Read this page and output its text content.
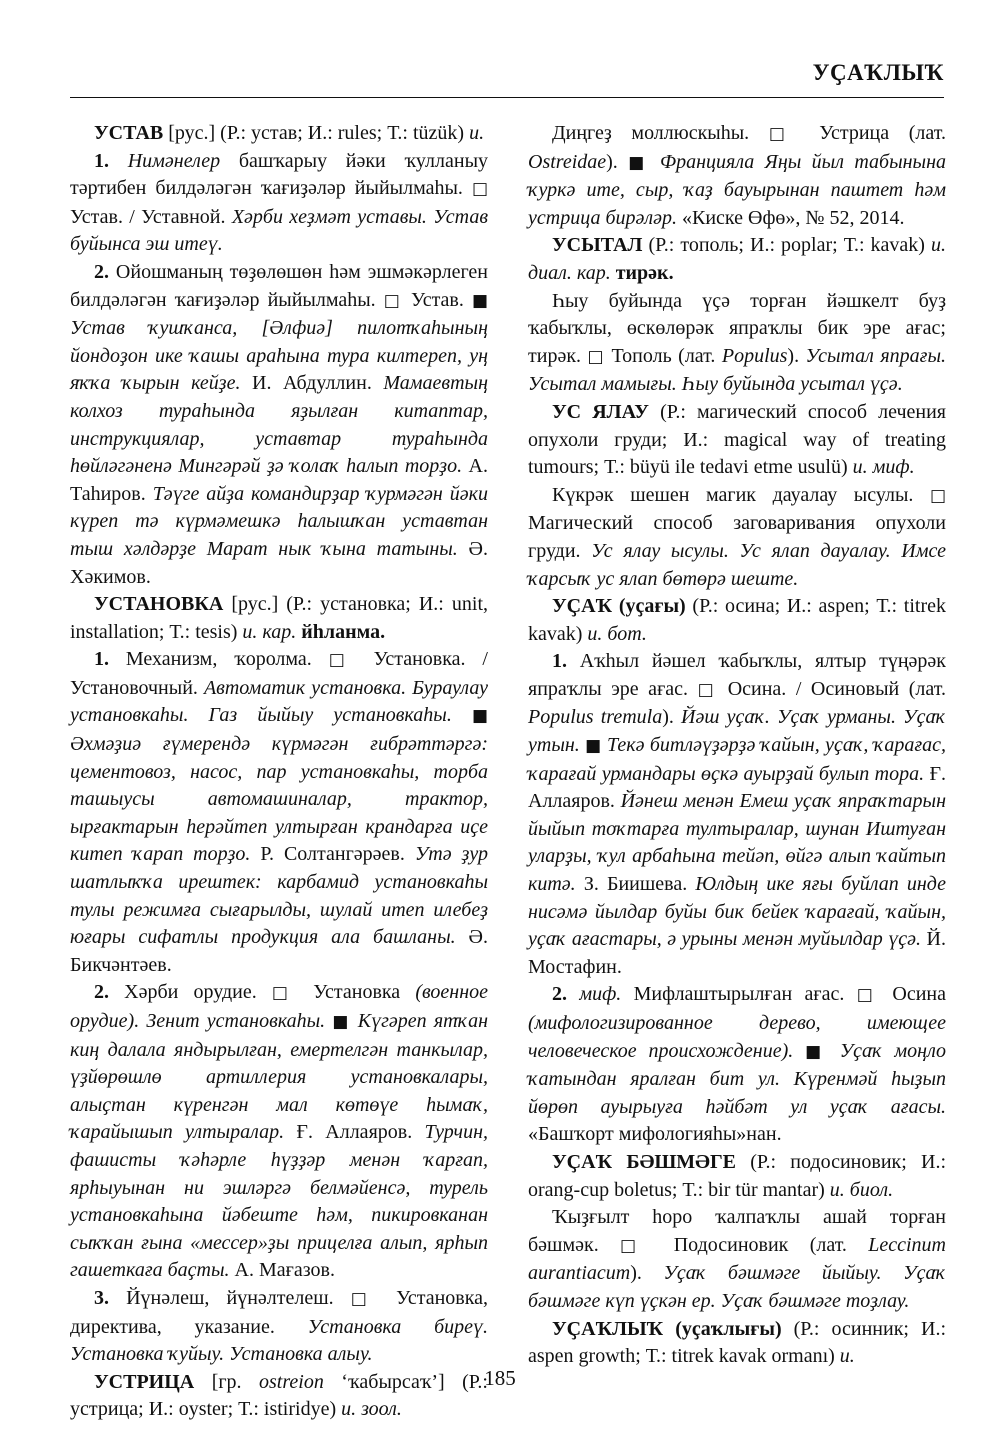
УҪАҠЛЫҠ

УСТАВ [рус.] (Р.: устав; И.: rules; Т.: tüzük) и.

1. Нимәнелер башҡарыу йәки ҡулланыу тәртибен билдәләгән ҡағиҙәләр йыйылмаһы. □ Устав. / Уставной. Хәрби хеҙмәт уставы. Устав буйынса эш итеү.

2. Ойошманың төҙөлөшөн һәм эшмәкәрлеген билдәләгән ҡағиҙәләр йыйылмаһы. □ Устав. ■ Устав ҡушҡанса, [Әлфиә] пилотҡаһының йондоҙон ике ҡашы араһына тура килтереп, уң яҡҡа ҡырын кейҙе. И. Абдуллин. Мамаевтың колхоз тураһында яҙылған китаптар, инструкциялар, уставтар тураһында һөйләгәненә Мингәрәй ҙә ҡолаҡ һалып торҙо. А. Таһиров. Тәүге айҙа командирҙар ҡурмәгән йәки күреп тә күрмәмешкә һалышҡан уставтан тыш хәлдәрҙе Марат нык ҡына татыны. Ә. Хәкимов.

УСТАНОВКА [рус.] (Р.: установка; И.: unit, installation; Т.: tesis) и. кар. йһланма.

1. Механизм, ҡоролма. □ Установка. / Установочный. Автоматик установка. Бураулау установкаһы. Газ йыйыу установкаһы. ■ Әхмәҙиә ғүмерендә күрмәгән ғибрәттәргә: цементовоз, насос, пар установкаһы, торба ташыусы автомашиналар, трактор, ырғактарын һерәйтеп ултырған крандарға иҫе китеп ҡарап торҙо. Р. Солтангәрәев. Утә ҙур шатлыҡҡа ирештек: карбамид установкаһы тулы режимға сығарылды, шулай итеп илебеҙ юғары сифатлы продукция ала башланы. Ә. Бикчәнтәев.

2. Хәрби орудие. □ Установка (военное орудие). Зенит установкаһы. ■ Күгәреп ятҡан киң далала яндырылған, емертелгән танкылар, үҙйөрөшлө артиллерия установкалары, алыҫтан күренгән мал көтөүе һымаҡ, ҡарайышып ултыралар. Ғ. Аллаяров. Турчин, фашисты ҡәһәрле һүҙҙәр менән ҡарғап, ярһыуынан ни эшләргә белмәйенсә, турель установкаһына йәбеште һәм, пикировканан сыҡҡан ғына «мессер»ҙы прицелға алып, ярһып гашеткаға баҫты. А. Мағазов.

3. Йүнәлеш, йүнәлтелеш. □ Установка, директива, указание. Установка биреү. Установка ҡуйыу. Установка алыу.

УСТРИЦА [гр. ostreion ‘ҡабырсаҡ’] (Р.: устрица; И.: oyster; Т.: istiridye) и. зоол.

Диңгеҙ моллюскыһы. □ Устрица (лат. Ostreidae). ■ Францияла Яңы йыл табынына ҡуркә ите, сыр, ҡаҙ бауырынан паштет һәм устрица бирәләр. «Киске Өфө», № 52, 2014.

УСЫТАЛ (Р.: тополь; И.: poplar; Т.: kavak) и. диал. кар. тирәк.

Һыу буйында үҫә торған йәшкелт буҙ ҡабыҡлы, өскөлөрәк япраҡлы бик эре ағас; тирәк. □ Тополь (лат. Populus). Усытал япрағы. Усытал мамығы. Һыу буйында усытал үҫә.

УС ЯЛАУ (Р.: магический способ лечения опухоли груди; И.: magical way of treating tumours; Т.: büyü ile tedavi etme usulü) и. миф.

Күкрәк шешен магик дауалау ысулы. □ Магический способ заговаривания опухоли груди. Ус ялау ысулы. Ус ялап дауалау. Имсе ҡарсыҡ ус ялап бөтөрә шеште.

УҪАҠ (уҫағы) (Р.: осина; И.: aspen; Т.: titrek kavak) и. бот.

1. Аҡһыл йәшел ҡабыҡлы, ялтыр түңәрәк япраҡлы эре ағас. □ Осина. / Осиновый (лат. Populus tremula). Йәш уҫаҡ. Уҫаҡ урманы. Уҫаҡ утын. ■ Текә битләүҙәрҙә ҡайын, уҫаҡ, ҡарағас, ҡарағай урмандары өҫкә ауырҙай булып тора. Ғ. Аллаяров. Йәнеш менән Емеш уҫаҡ япраҡтарын йыйып тоҡтарға тултыралар, шунан Иштуған уларҙы, ҡул арбаһына тейәп, өйгә алып ҡайтып китә. З. Биишева. Юлдың ике яғы буйлап инде нисәмә йылдар буйы бик бейек ҡарағай, ҡайын, уҫаҡ ағастары, ә урыны менән муйылдар үҫә. Й. Мостафин.

2. миф. Мифлаштырылған ағас. □ Осина (мифологизированное дерево, имеющее человеческое происхождение). ■ Уҫаҡ моңло ҡатындан яралған бит ул. Күренмәй һыҙып йөрөп ауырыуға һәйбәт ул уҫаҡ ағасы. «Башҡорт мифологияһы»нан.

УҪАҠ БӘШМӘГЕ (Р.: подосиновик; И.: orang-cup boletus; Т.: bir tür mantar) и. биол.

Ҡыҙғылт һоро ҡалпаҡлы ашай торған бәшмәк. □ Подосиновик (лат. Leccinum aurantiacum). Уҫаҡ бәшмәге йыйыу. Уҫаҡ бәшмәге күп үҫкән ер. Уҫаҡ бәшмәге тоҙлау.

УҪАҠЛЫҠ (уҫаҡлығы) (Р.: осинник; И.: aspen growth; Т.: titrek kavak ormanı) и.

185
